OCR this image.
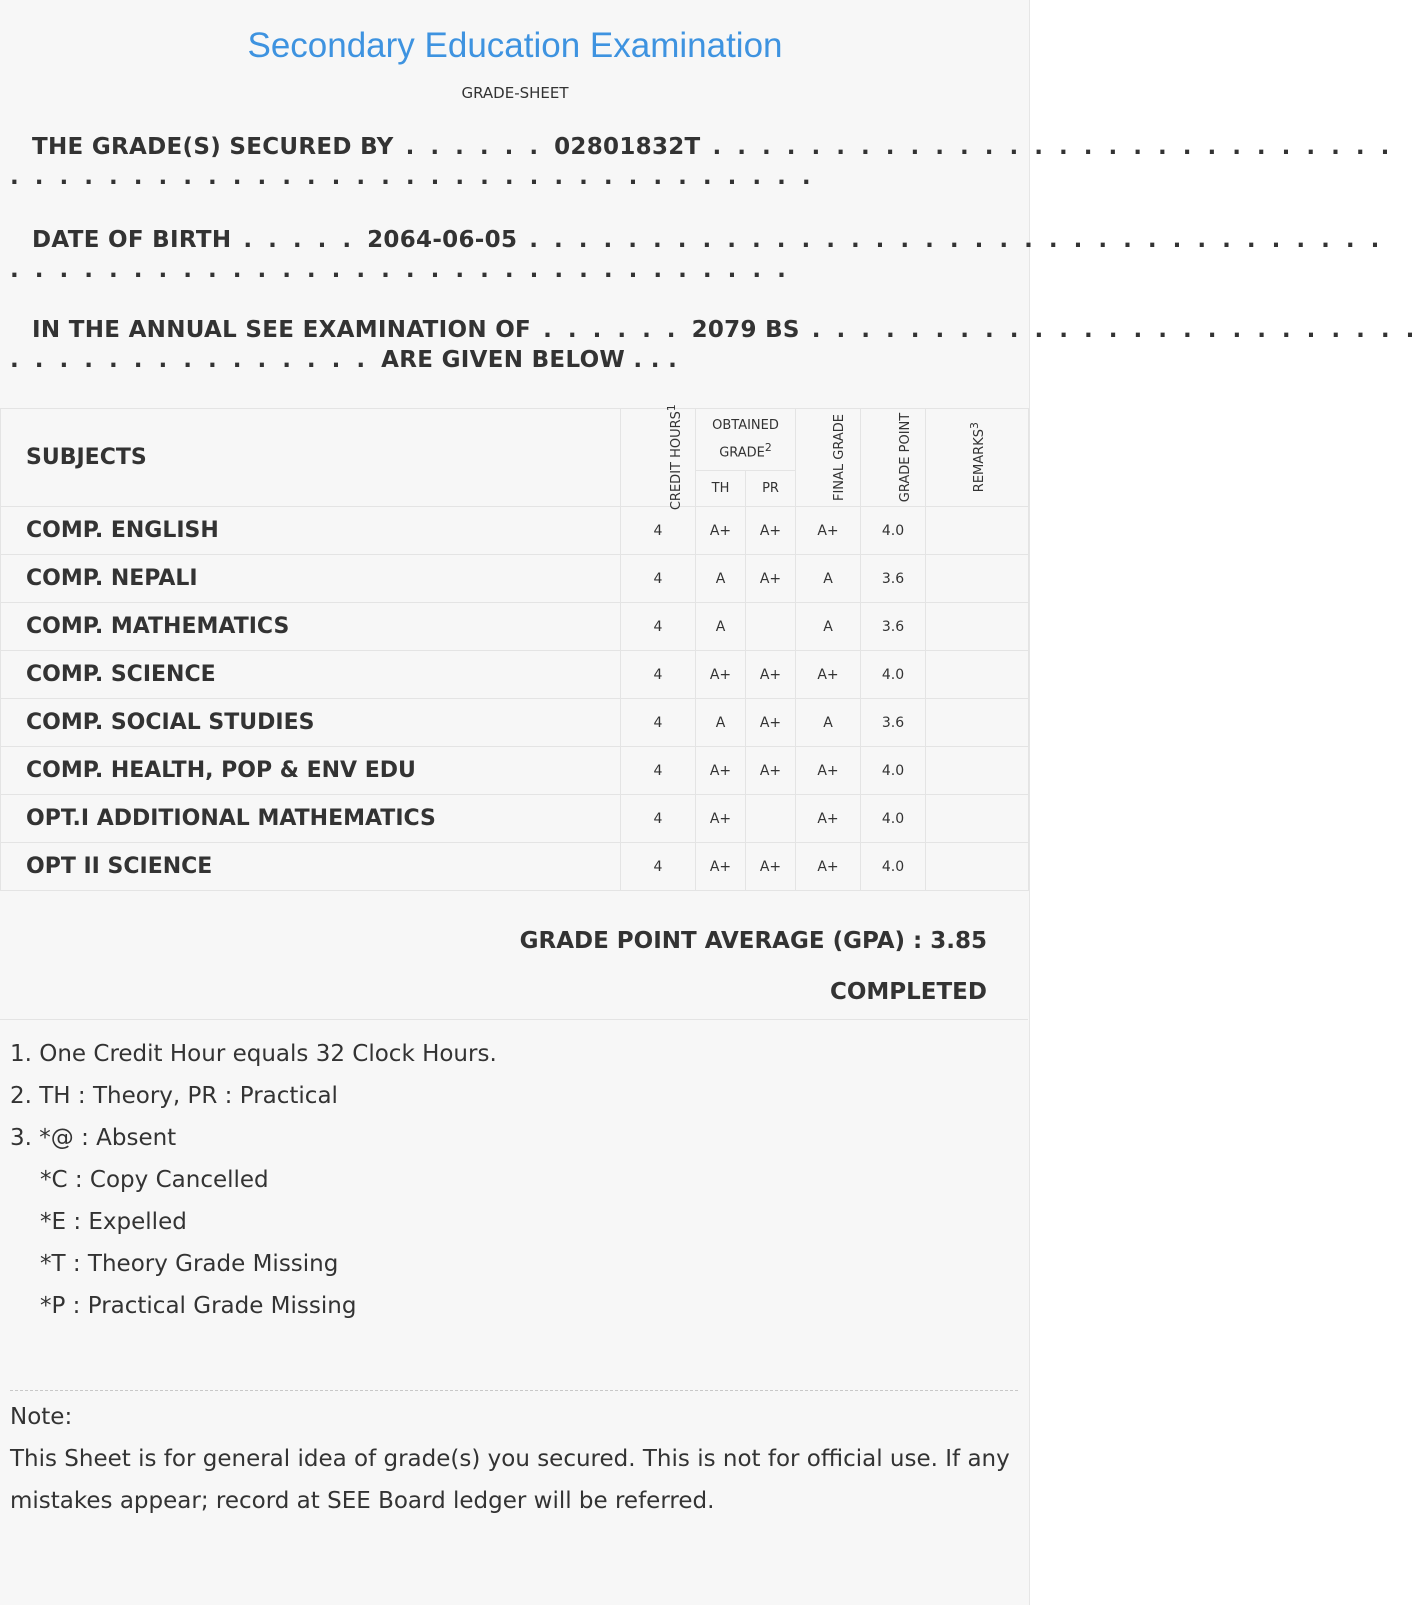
Secondary Education Examination
GRADE-SHEET
THE GRADE(S) SECURED BY . . . . . . 02801832T . . . . . . . . . . . . . . . . . . . . . . . . . . . .
. . . . . . . . . . . . . . . . . . . . . . . . . . . . . . . . .
DATE OF BIRTH . . . . . 2064-06-05 . . . . . . . . . . . . . . . . . . . . . . . . . . . . . . . . . . .
. . . . . . . . . . . . . . . . . . . . . . . . . . . . . . . .
IN THE ANNUAL SEE EXAMINATION OF . . . . . . 2079 BS . . . . . . . . . . . . . . . . . . . . . . . . .
. . . . . . . . . . . . . . . ARE GIVEN BELOW . . .
SUBJECTS	CREDIT HOURS$^1$	OBTAINED GRADE$^2$		FINAL GRADE	GRADE POINT	REMARKS$^3$
		TH	PR			
COMP. ENGLISH	4	A+	A+	A+	4.0	
COMP. NEPALI	4	A	A+	A	3.6	
COMP. MATHEMATICS	4	A		A	3.6	
COMP. SCIENCE	4	A+	A+	A+	4.0	
COMP. SOCIAL STUDIES	4	A	A+	A	3.6	
COMP. HEALTH, POP & ENV EDU	4	A+	A+	A+	4.0	
OPT.I ADDITIONAL MATHEMATICS	4	A+		A+	4.0	
OPT II SCIENCE	4	A+	A+	A+	4.0	
GRADE POINT AVERAGE (GPA) : 3.85
COMPLETED
1. One Credit Hour equals 32 Clock Hours.
2. TH : Theory, PR : Practical
3. *@ : Absent
*C : Copy Cancelled
*E : Expelled
*T : Theory Grade Missing
*P : Practical Grade Missing
Note:
This Sheet is for general idea of grade(s) you secured. This is not for official use. If any mistakes appear; record at SEE Board ledger will be referred.
